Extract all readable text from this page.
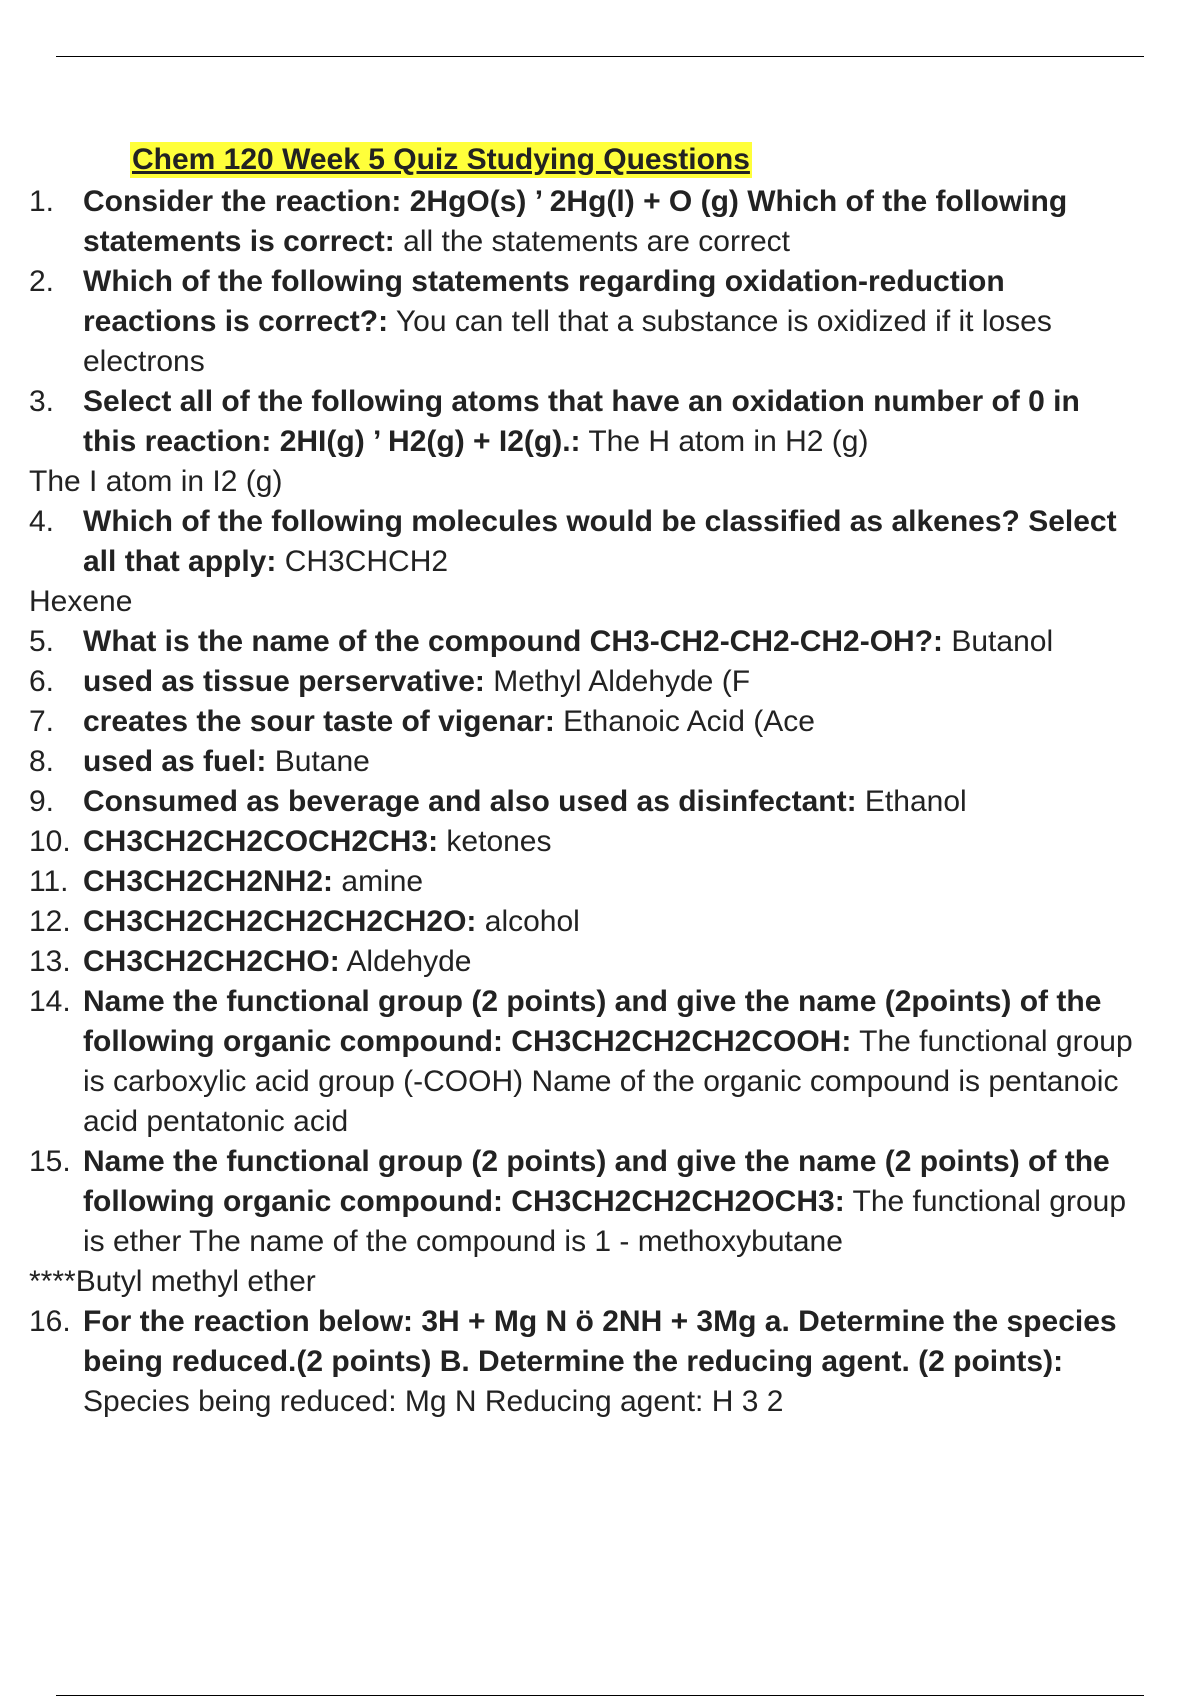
Chem 120 Week 5 Quiz Studying Questions
1. Consider the reaction: 2HgO(s) ’ 2Hg(l) + O (g) Which of the following
statements is correct: all the statements are correct
2. Which of the following statements regarding oxidation-reduction
reactions is correct?: You can tell that a substance is oxidized if it loses
electrons
3. Select all of the following atoms that have an oxidation number of 0 in
this reaction: 2HI(g) ’ H2(g) + I2(g).: The H atom in H2 (g)
The I atom in I2 (g)
4. Which of the following molecules would be classified as alkenes? Select
all that apply: CH3CHCH2
Hexene
5. What is the name of the compound CH3-CH2-CH2-CH2-OH?: Butanol
6. used as tissue perservative: Methyl Aldehyde (F
7. creates the sour taste of vigenar: Ethanoic Acid (Ace
8. used as fuel: Butane
9. Consumed as beverage and also used as disinfectant: Ethanol
10. CH3CH2CH2COCH2CH3: ketones
11. CH3CH2CH2NH2: amine
12. CH3CH2CH2CH2CH2CH2O: alcohol
13. CH3CH2CH2CHO: Aldehyde
14. Name the functional group (2 points) and give the name (2points) of the
following organic compound: CH3CH2CH2CH2COOH: The functional group
is carboxylic acid group (-COOH) Name of the organic compound is pentanoic
acid pentatonic acid
15. Name the functional group (2 points) and give the name (2 points) of the
following organic compound: CH3CH2CH2CH2OCH3: The functional group
is ether The name of the compound is 1 - methoxybutane
****Butyl methyl ether
16. For the reaction below: 3H + Mg N ö 2NH + 3Mg a. Determine the species
being reduced.(2 points) B. Determine the reducing agent. (2 points):
Species being reduced: Mg N Reducing agent: H 3 2
